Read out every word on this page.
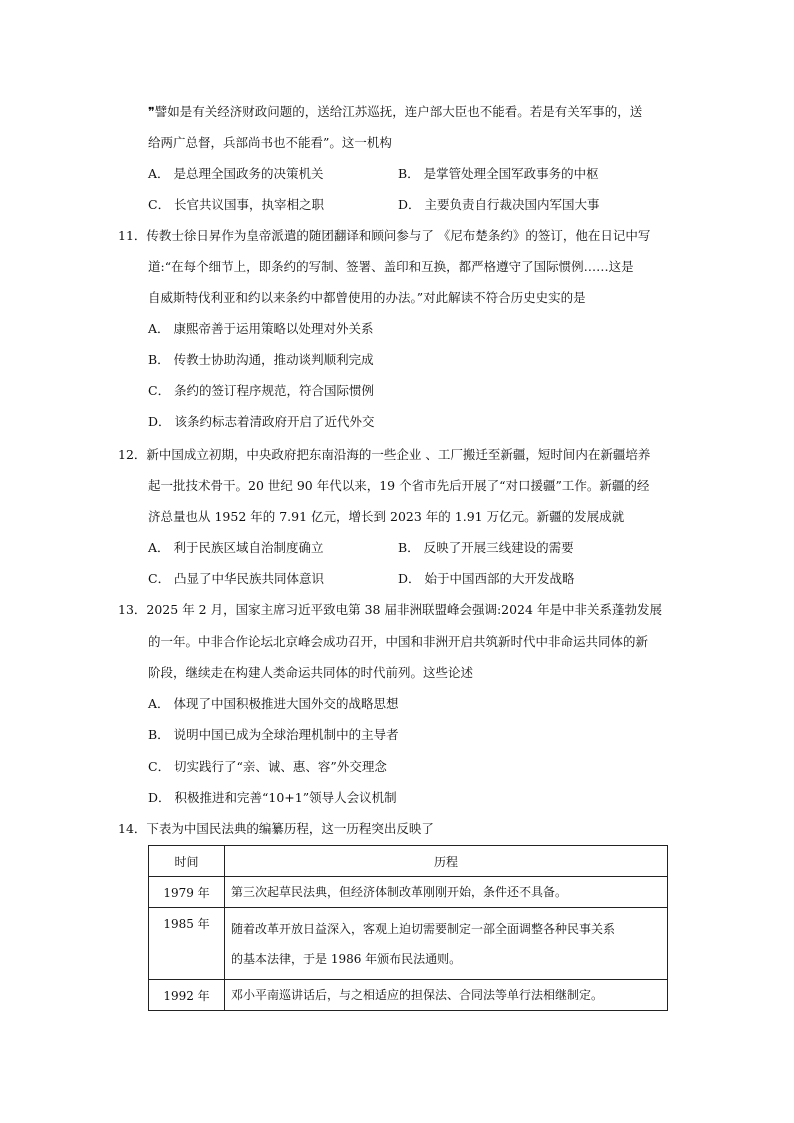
❞譬如是有关经济财政问题的，送给江苏巡抚，连户部大臣也不能看。若是有关军事的，送
给两广总督，兵部尚书也不能看”。这一机构
A． 是总理全国政务的决策机关	B． 是掌管处理全国军政事务的中枢
C． 长官共议国事，执宰相之职	D． 主要负责自行裁决国内军国大事
11．传教士徐日昇作为皇帝派遣的随团翻译和顾问参与了 《尼布楚条约》的签订，他在日记中写
道:“在每个细节上，即条约的写制、签署、盖印和互换，都严格遵守了国际惯例……这是
自威斯特伐利亚和约以来条约中都曾使用的办法。”对此解读不符合历史史实的是
A． 康熙帝善于运用策略以处理对外关系
B． 传教士协助沟通，推动谈判顺利完成
C． 条约的签订程序规范，符合国际惯例
D． 该条约标志着清政府开启了近代外交
12．新中国成立初期，中央政府把东南沿海的一些企业 、工厂搬迁至新疆，短时间内在新疆培养
起一批技术骨干。20 世纪 90 年代以来，19 个省市先后开展了“对口援疆”工作。新疆的经
济总量也从 1952 年的 7.91 亿元，增长到 2023 年的 1.91 万亿元。新疆的发展成就
A． 利于民族区域自治制度确立	B． 反映了开展三线建设的需要
C． 凸显了中华民族共同体意识	D． 始于中国西部的大开发战略
13．2025 年 2 月，国家主席习近平致电第 38 届非洲联盟峰会强调:2024 年是中非关系蓬勃发展
的一年。中非合作论坛北京峰会成功召开，中国和非洲开启共筑新时代中非命运共同体的新
阶段，继续走在构建人类命运共同体的时代前列。这些论述
A． 体现了中国积极推进大国外交的战略思想
B． 说明中国已成为全球治理机制中的主导者
C． 切实践行了“亲、诚、惠、容”外交理念
D． 积极推进和完善“10+1”领导人会议机制
14．下表为中国民法典的编纂历程，这一历程突出反映了
时间	历程
1979 年	第三次起草民法典，但经济体制改革刚刚开始，条件还不具备。
1985 年	随着改革开放日益深入，客观上迫切需要制定一部全面调整各种民事关系
的基本法律，于是 1986 年颁布民法通则。

1992 年	邓小平南巡讲话后，与之相适应的担保法、合同法等单行法相继制定。
